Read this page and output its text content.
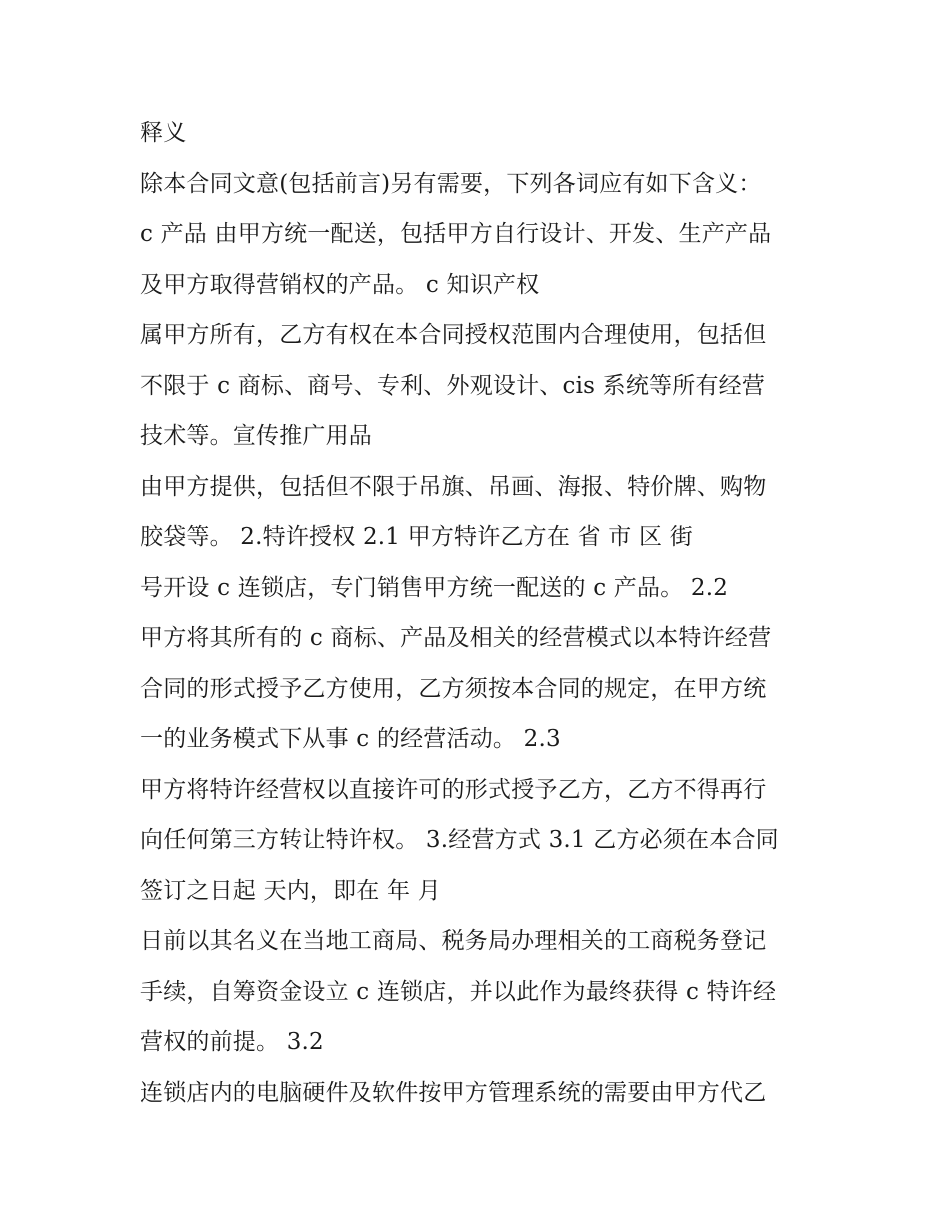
释义
除本合同文意(包括前言)另有需要，下列各词应有如下含义：
c 产品 由甲方统一配送，包括甲方自行设计、开发、生产产品
及甲方取得营销权的产品。 c 知识产权
属甲方所有，乙方有权在本合同授权范围内合理使用，包括但
不限于 c 商标、商号、专利、外观设计、cis 系统等所有经营
技术等。宣传推广用品
由甲方提供，包括但不限于吊旗、吊画、海报、特价牌、购物
胶袋等。 2.特许授权 2.1 甲方特许乙方在 省 市 区 街
号开设 c 连锁店，专门销售甲方统一配送的 c 产品。 2.2
甲方将其所有的 c 商标、产品及相关的经营模式以本特许经营
合同的形式授予乙方使用，乙方须按本合同的规定，在甲方统
一的业务模式下从事 c 的经营活动。 2.3
甲方将特许经营权以直接许可的形式授予乙方，乙方不得再行
向任何第三方转让特许权。 3.经营方式 3.1 乙方必须在本合同
签订之日起 天内，即在 年 月
日前以其名义在当地工商局、税务局办理相关的工商税务登记
手续，自筹资金设立 c 连锁店，并以此作为最终获得 c 特许经
营权的前提。 3.2
连锁店内的电脑硬件及软件按甲方管理系统的需要由甲方代乙
